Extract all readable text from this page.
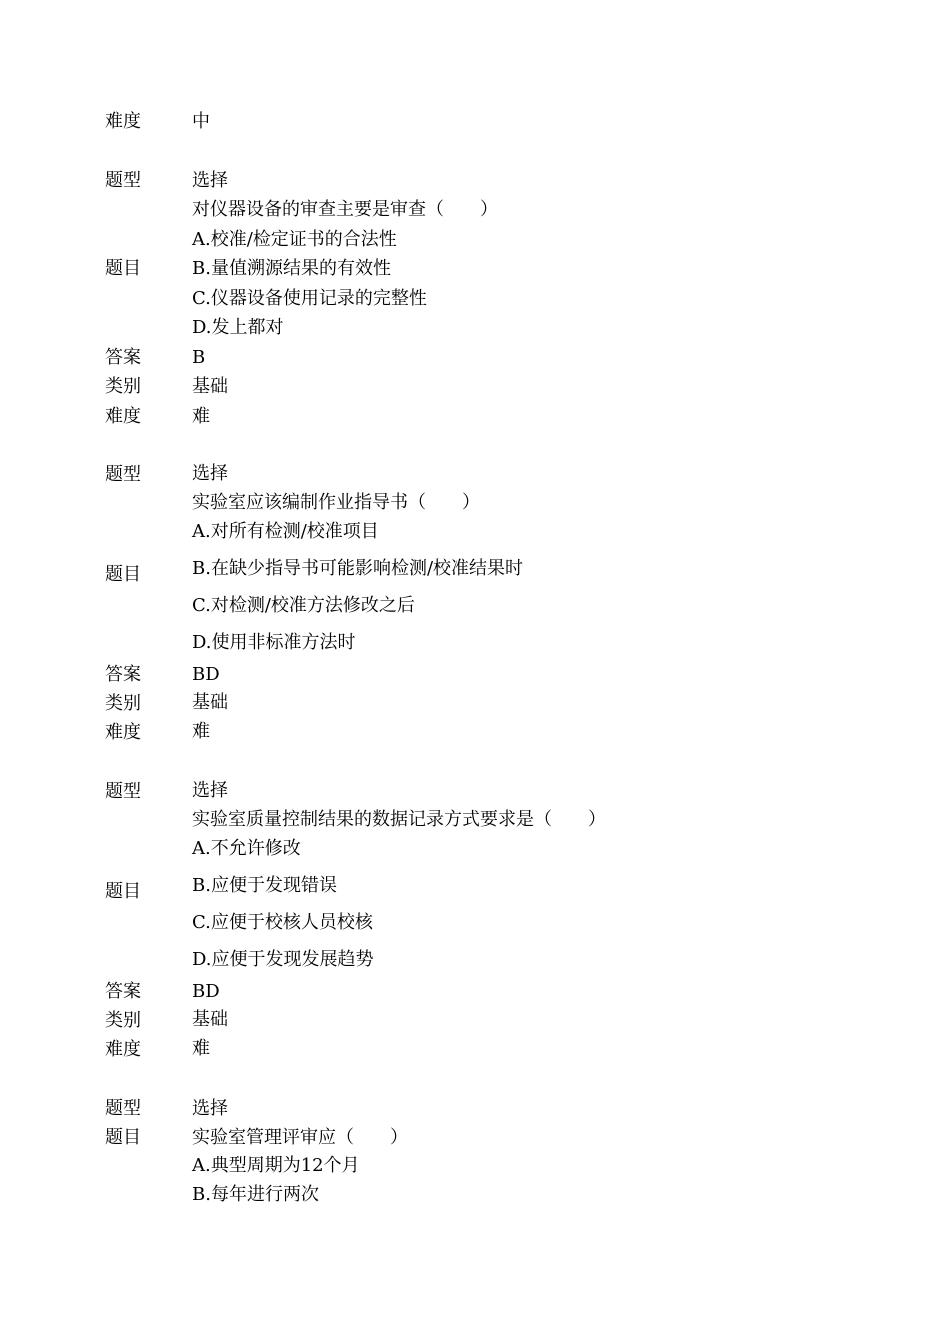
难度	中
题型	选择
对仪器设备的审查主要是审查（　　）
A.校准/检定证书的合法性
题目	B.量值溯源结果的有效性
C.仪器设备使用记录的完整性
D.发上都对
答案	B
类别	基础
难度	难
题型	选择
实验室应该编制作业指导书（　　）
A.对所有检测/校准项目
题目	B.在缺少指导书可能影响检测/校准结果时
C.对检测/校准方法修改之后
D.使用非标准方法时
答案	BD
类别	基础
难度	难
题型	选择
实验室质量控制结果的数据记录方式要求是（　　）
A.不允许修改
题目	B.应便于发现错误
C.应便于校核人员校核
D.应便于发现发展趋势
答案	BD
类别	基础
难度	难
题型	选择
题目	实验室管理评审应（　　）
A.典型周期为12个月
B.每年进行两次
